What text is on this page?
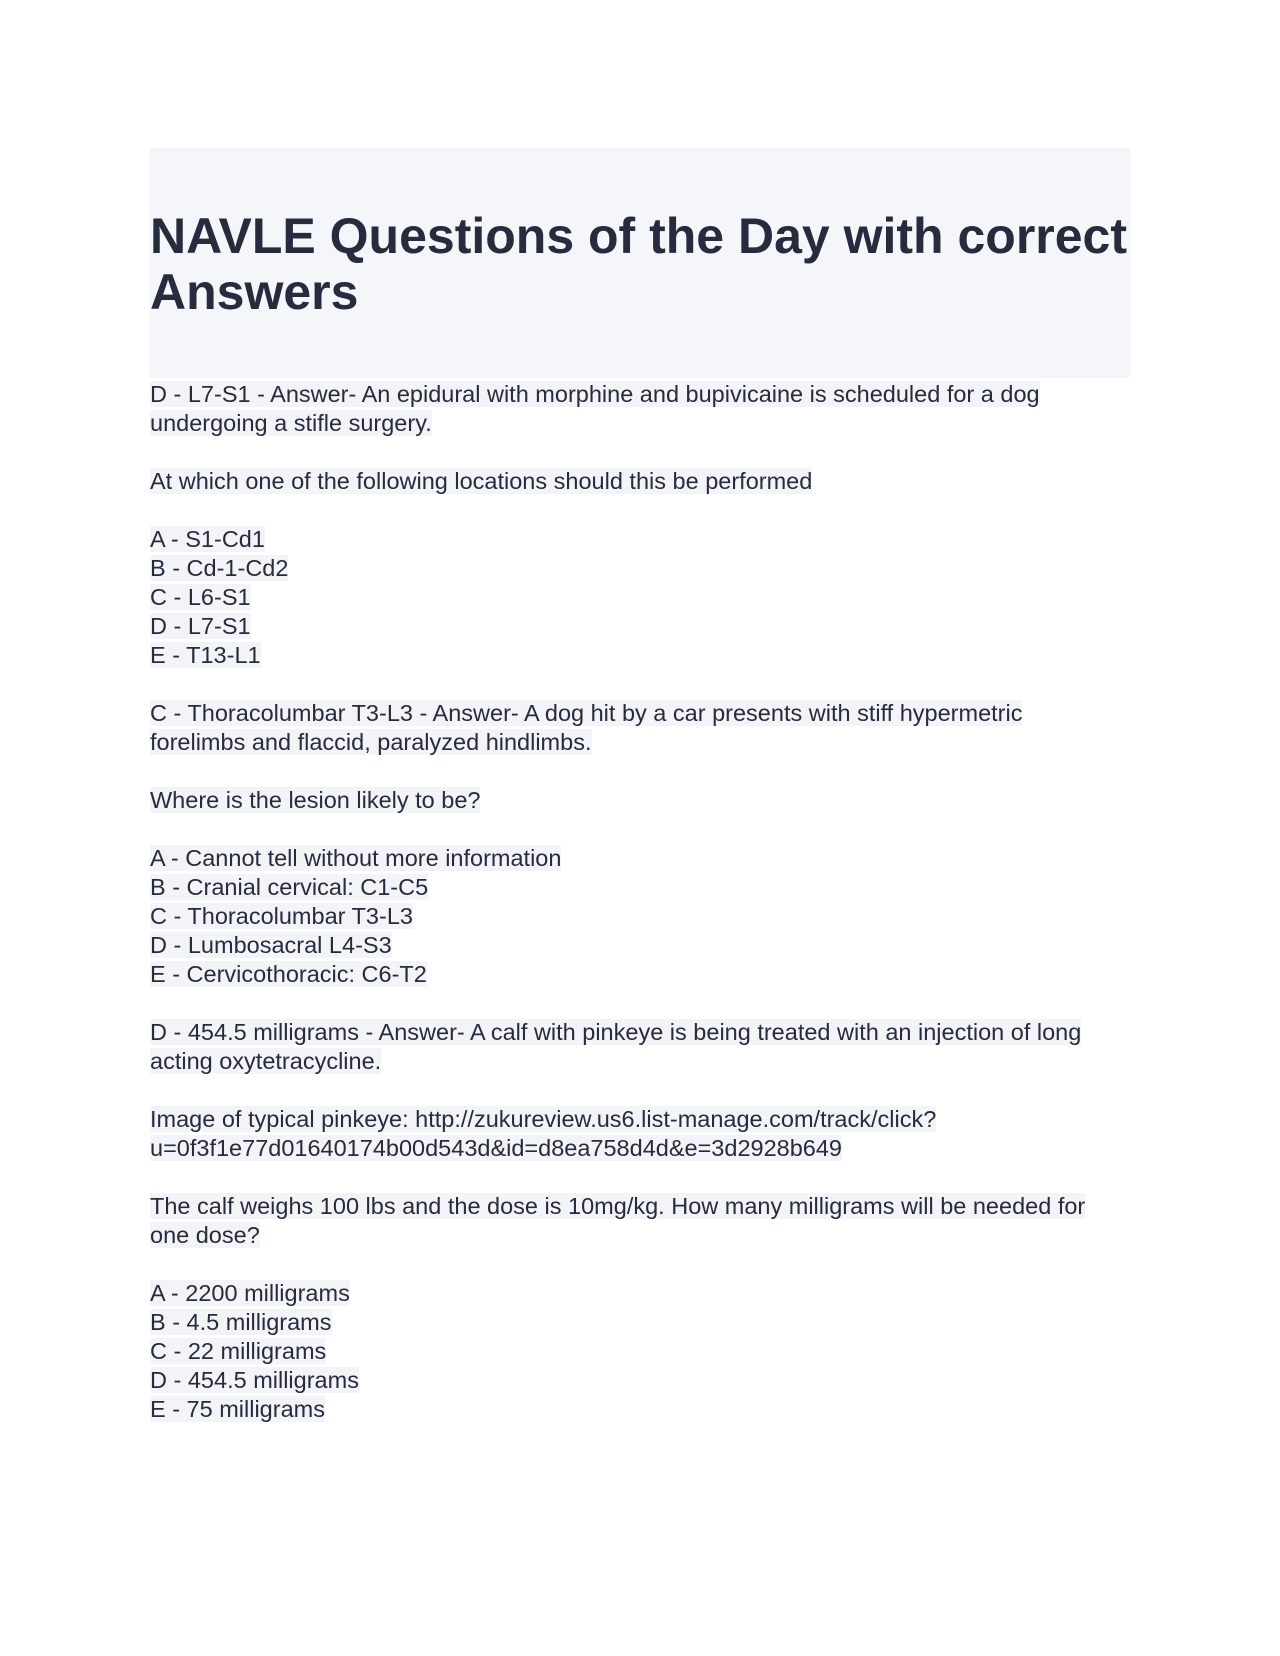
NAVLE Questions of the Day with correct Answers

D - L7-S1 - Answer- An epidural with morphine and bupivicaine is scheduled for a dog undergoing a stifle surgery.

At which one of the following locations should this be performed

A - S1-Cd1
B - Cd-1-Cd2
C - L6-S1
D - L7-S1
E - T13-L1

C - Thoracolumbar T3-L3 - Answer- A dog hit by a car presents with stiff hypermetric forelimbs and flaccid, paralyzed hindlimbs.

Where is the lesion likely to be?

A - Cannot tell without more information
B - Cranial cervical: C1-C5
C - Thoracolumbar T3-L3
D - Lumbosacral L4-S3
E - Cervicothoracic: C6-T2

D - 454.5 milligrams - Answer- A calf with pinkeye is being treated with an injection of long acting oxytetracycline.

Image of typical pinkeye: http://zukureview.us6.list-manage.com/track/click?u=0f3f1e77d01640174b00d543d&id=d8ea758d4d&e=3d2928b649

The calf weighs 100 lbs and the dose is 10mg/kg. How many milligrams will be needed for one dose?

A - 2200 milligrams
B - 4.5 milligrams
C - 22 milligrams
D - 454.5 milligrams
E - 75 milligrams
